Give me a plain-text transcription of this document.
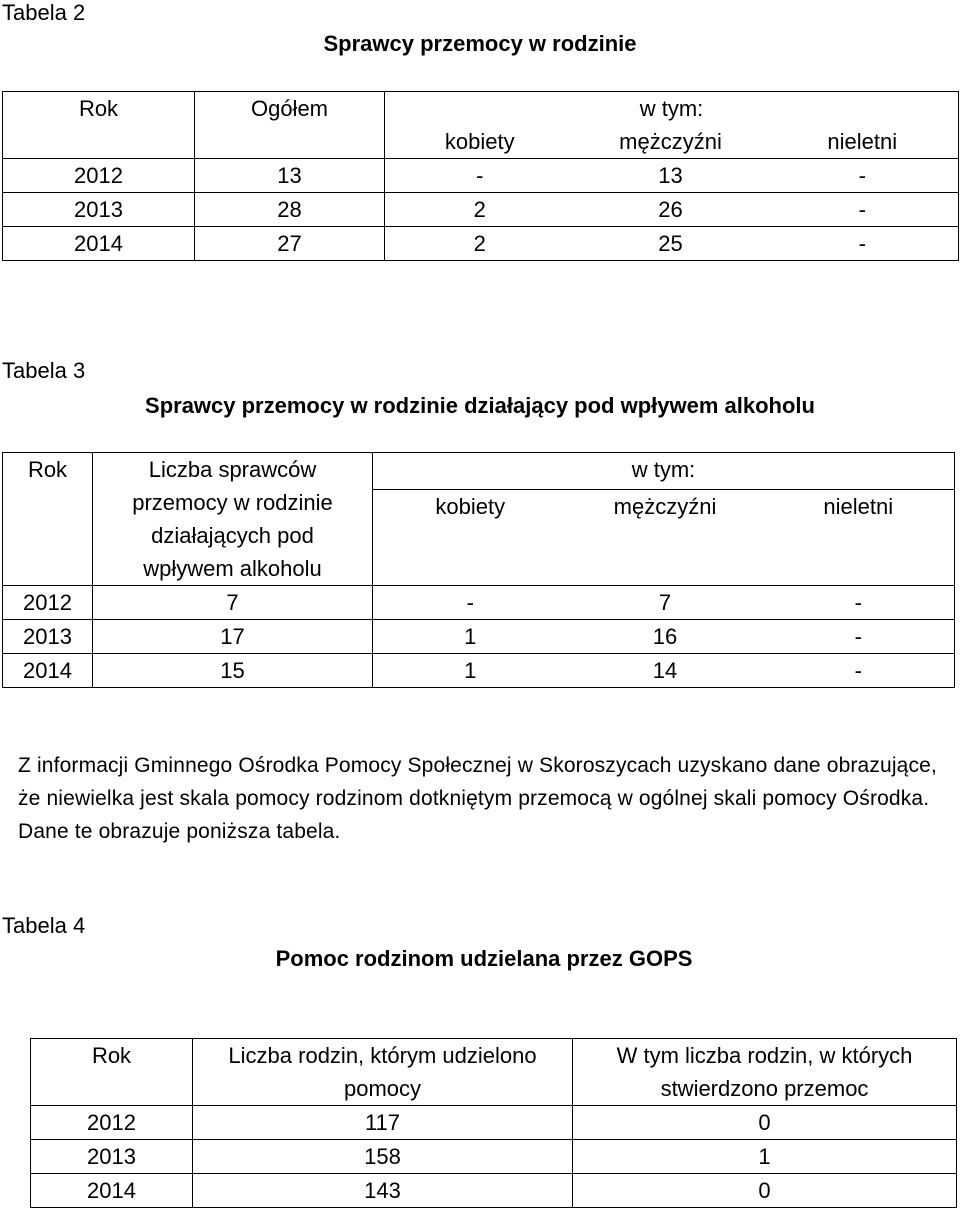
Tabela 2
Sprawcy przemocy w rodzinie
Rok	Ogółem	w tym:		
		kobiety	mężczyźni	nieletni
2012	13	-	13	-
2013	28	2	26	-
2014	27	2	25	-
Tabela 3
Sprawcy przemocy w rodzinie działający pod wpływem alkoholu
Rok	Liczba sprawców przemocy w rodzinie działających pod wpływem alkoholu	w tym:		
		kobiety	mężczyźni	nieletni
2012	7	-	7	-
2013	17	1	16	-
2014	15	1	14	-
Z informacji Gminnego Ośrodka Pomocy Społecznej w Skoroszycach uzyskano dane obrazujące, że niewielka jest skala pomocy rodzinom dotkniętym przemocą w ogólnej skali pomocy Ośrodka. Dane te obrazuje poniższa tabela.
Tabela 4
Pomoc rodzinom udzielana przez GOPS
Rok	Liczba rodzin, którym udzielono pomocy	W tym liczba rodzin, w których stwierdzono przemoc
2012	117	0
2013	158	1
2014	143	0
